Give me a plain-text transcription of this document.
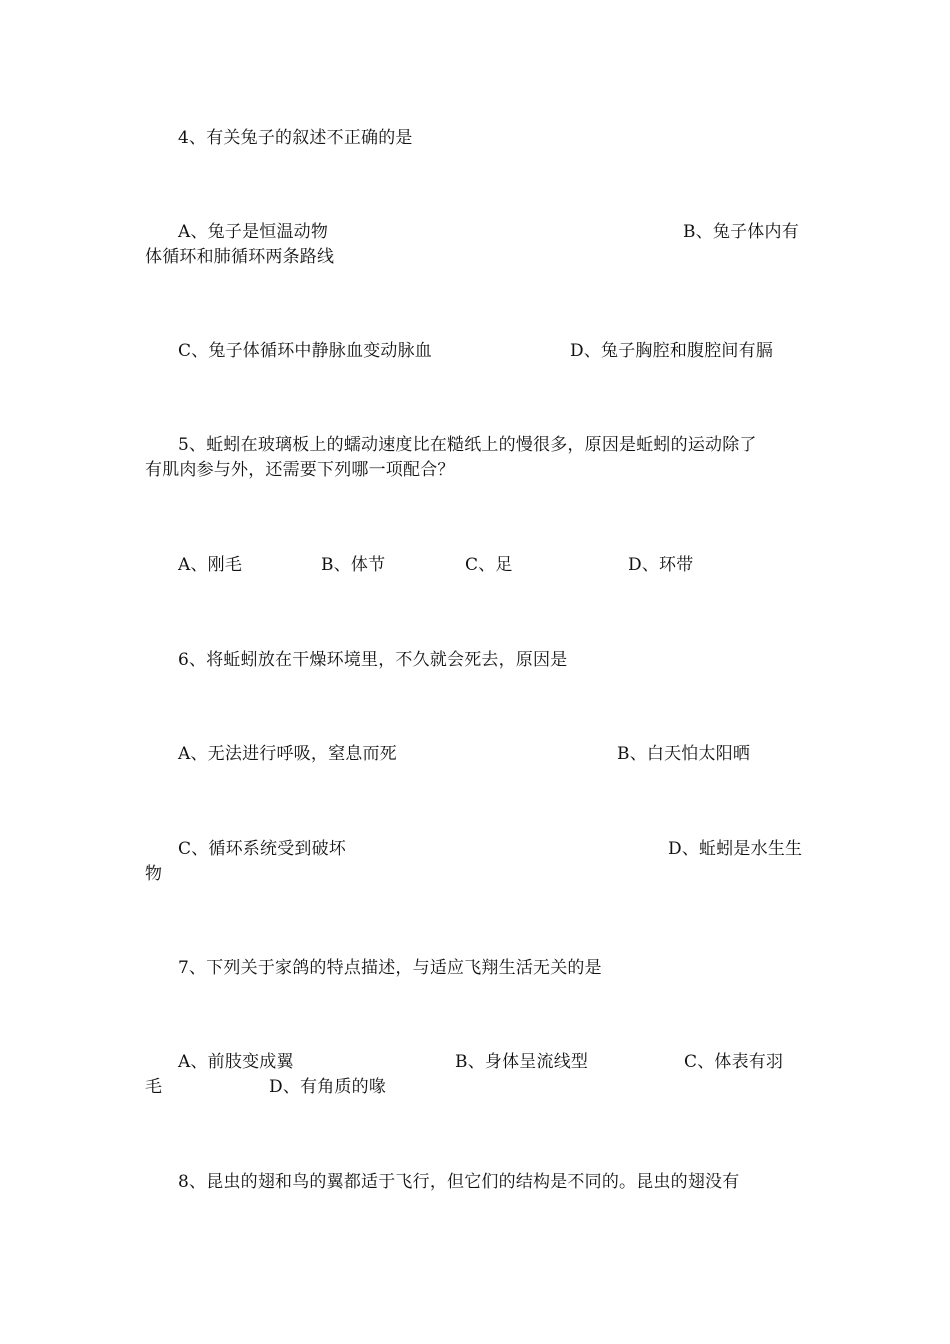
4、有关兔子的叙述不正确的是
A、兔子是恒温动物	B、兔子体内有
体循环和肺循环两条路线
C、兔子体循环中静脉血变动脉血	D、兔子胸腔和腹腔间有膈
5、蚯蚓在玻璃板上的蠕动速度比在糙纸上的慢很多，原因是蚯蚓的运动除了
有肌肉参与外，还需要下列哪一项配合？
A、刚毛	B、体节	C、足	D、环带
6、将蚯蚓放在干燥环境里，不久就会死去，原因是
A、无法进行呼吸，窒息而死	B、白天怕太阳晒
C、循环系统受到破坏	D、蚯蚓是水生生
物
7、下列关于家鸽的特点描述，与适应飞翔生活无关的是
A、前肢变成翼	B、身体呈流线型	C、体表有羽
毛	D、有角质的喙
8、昆虫的翅和鸟的翼都适于飞行，但它们的结构是不同的。昆虫的翅没有
